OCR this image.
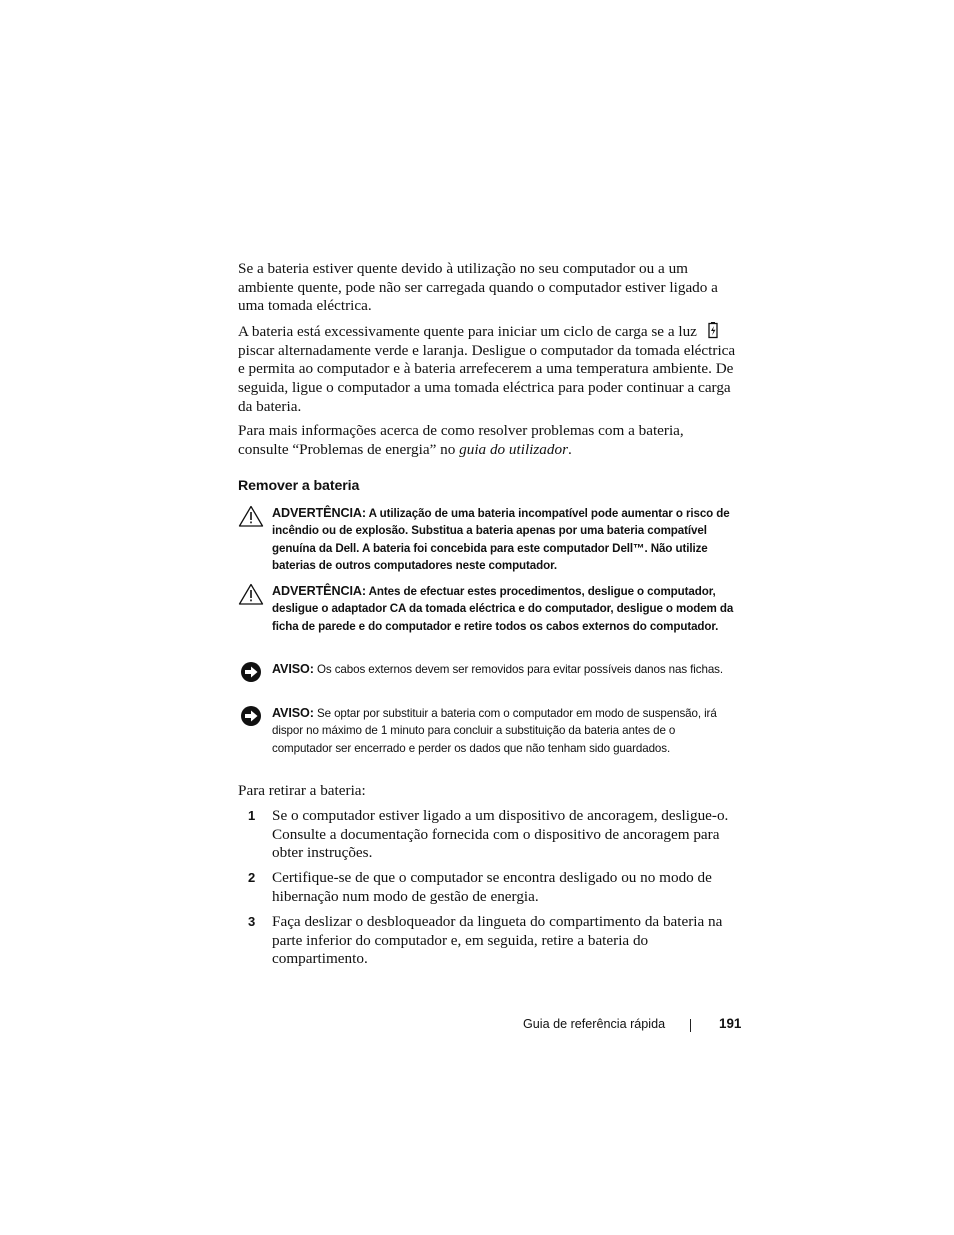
Se a bateria estiver quente devido à utilização no seu computador ou a um ambiente quente, pode não ser carregada quando o computador estiver ligado a uma tomada eléctrica.

A bateria está excessivamente quente para iniciar um ciclo de carga se a luz  piscar alternadamente verde e laranja. Desligue o computador da tomada eléctrica e permita ao computador e à bateria arrefecerem a uma temperatura ambiente. De seguida, ligue o computador a uma tomada eléctrica para poder continuar a carga da bateria.

Para mais informações acerca de como resolver problemas com a bateria, consulte “Problemas de energia” no guia do utilizador.

Remover a bateria
ADVERTÊNCIA: A utilização de uma bateria incompatível pode aumentar o risco de incêndio ou de explosão. Substitua a bateria apenas por uma bateria compatível genuína da Dell. A bateria foi concebida para este computador Dell™. Não utilize baterias de outros computadores neste computador.
ADVERTÊNCIA: Antes de efectuar estes procedimentos, desligue o computador, desligue o adaptador CA da tomada eléctrica e do computador, desligue o modem da ficha de parede e do computador e retire todos os cabos externos do computador.
AVISO: Os cabos externos devem ser removidos para evitar possíveis danos nas fichas.
AVISO: Se optar por substituir a bateria com o computador em modo de suspensão, irá dispor no máximo de 1 minuto para concluir a substituição da bateria antes de o computador ser encerrado e perder os dados que não tenham sido guardados.

Para retirar a bateria:

1 Se o computador estiver ligado a um dispositivo de ancoragem, desligue-o. Consulte a documentação fornecida com o dispositivo de ancoragem para obter instruções.
2 Certifique-se de que o computador se encontra desligado ou no modo de hibernação num modo de gestão de energia.
3 Faça deslizar o desbloqueador da lingueta do compartimento da bateria na parte inferior do computador e, em seguida, retire a bateria do compartimento.
Guia de referência rápida	191
